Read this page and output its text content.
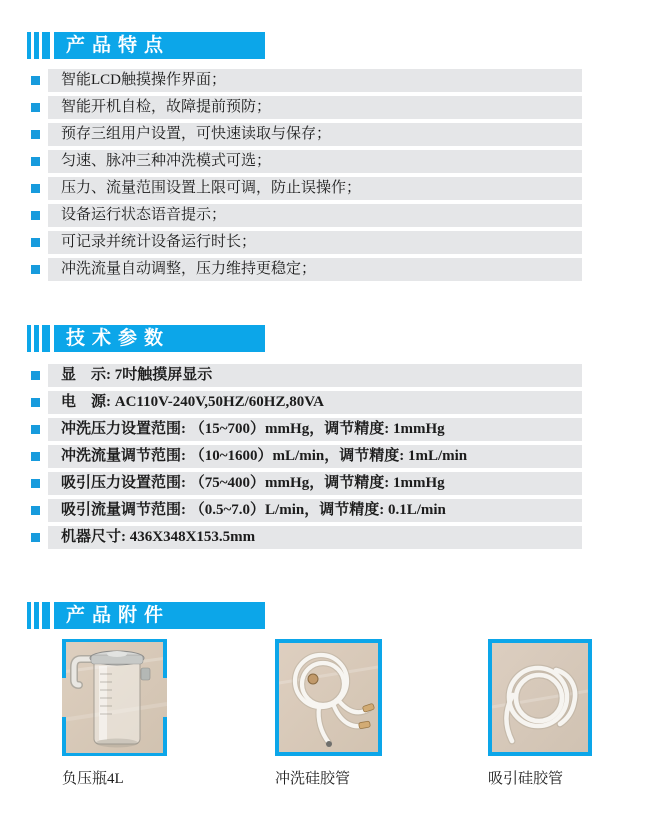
产品特点
智能LCD触摸操作界面；
智能开机自检，故障提前预防；
预存三组用户设置，可快速读取与保存；
匀速、脉冲三种冲洗模式可选；
压力、流量范围设置上限可调，防止误操作；
设备运行状态语音提示；
可记录并统计设备运行时长；
冲洗流量自动调整，压力维持更稳定；
技术参数
显　示: 7吋触摸屏显示
电　源: AC110V-240V,50HZ/60HZ,80VA
冲洗压力设置范围: （15~700）mmHg，调节精度: 1mmHg
冲洗流量调节范围: （10~1600）mL/min，调节精度: 1mL/min
吸引压力设置范围: （75~400）mmHg，调节精度: 1mmHg
吸引流量调节范围: （0.5~7.0）L/min，调节精度: 0.1L/min
机器尺寸: 436X348X153.5mm
产品附件
负压瓶4L	冲洗硅胶管	吸引硅胶管
